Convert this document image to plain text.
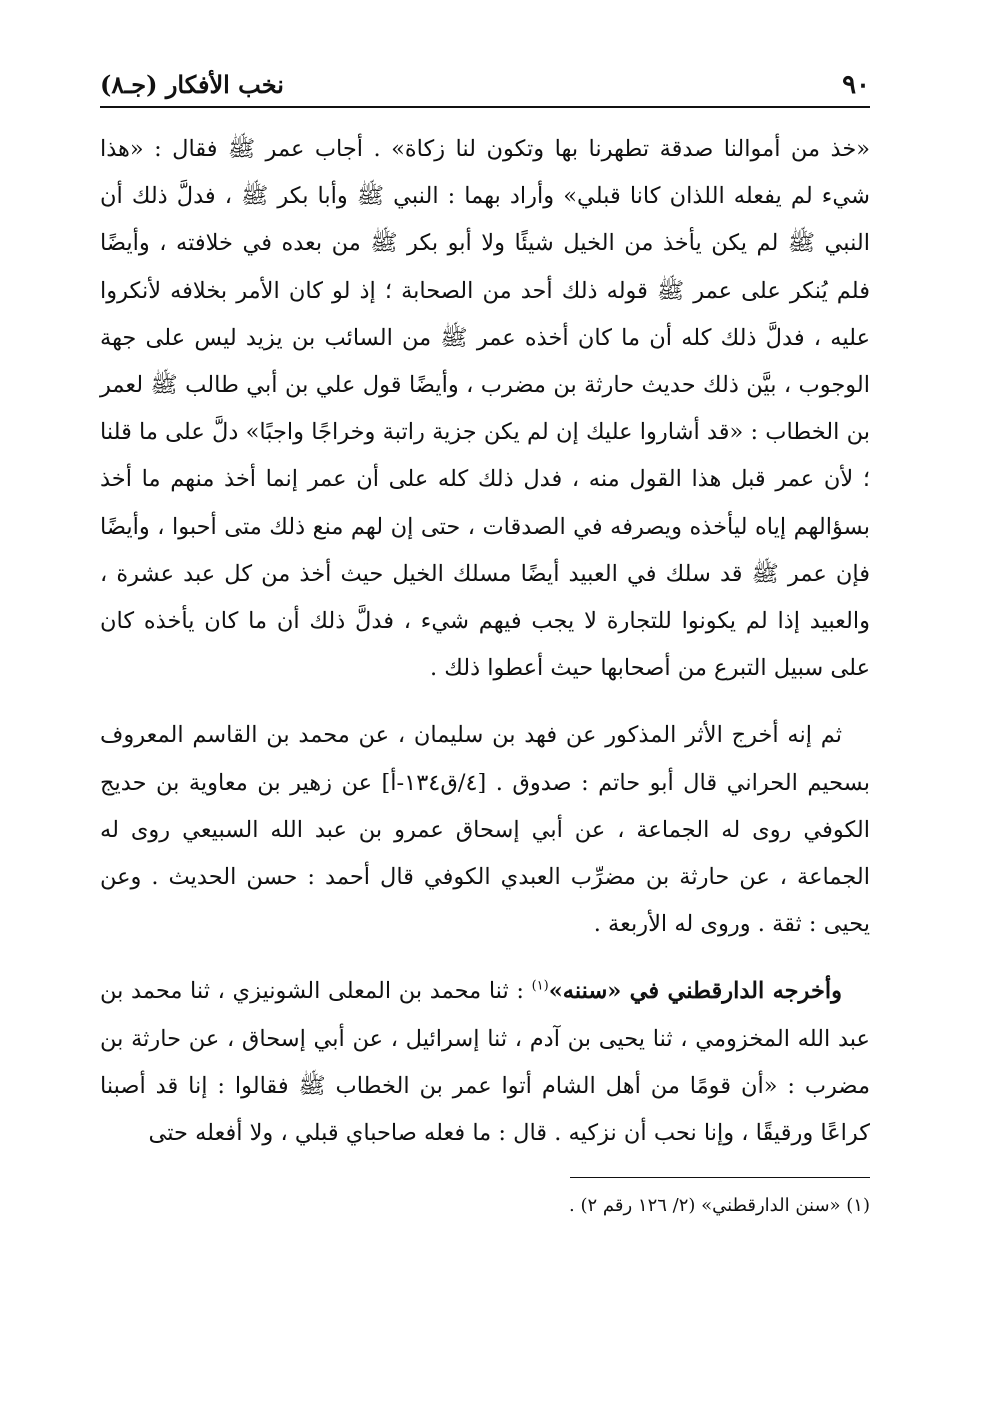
٩٠
نخب الأفكار (جـ٨)

«خذ من أموالنا صدقة تطهرنا بها وتكون لنا زكاة» . أجاب عمر ﷺ فقال : «هذا شيء لم يفعله اللذان كانا قبلي» وأراد بهما : النبي ﷺ وأبا بكر ﷺ ، فدلَّ ذلك أن النبي ﷺ لم يكن يأخذ من الخيل شيئًا ولا أبو بكر ﷺ من بعده في خلافته ، وأيضًا فلم يُنكر على عمر ﷺ قوله ذلك أحد من الصحابة ؛ إذ لو كان الأمر بخلافه لأنكروا عليه ، فدلَّ ذلك كله أن ما كان أخذه عمر ﷺ من السائب بن يزيد ليس على جهة الوجوب ، بيَّن ذلك حديث حارثة بن مضرب ، وأيضًا قول علي بن أبي طالب ﷺ لعمر بن الخطاب : «قد أشاروا عليك إن لم يكن جزية راتبة وخراجًا واجبًا» دلَّ على ما قلنا ؛ لأن عمر قبل هذا القول منه ، فدل ذلك كله على أن عمر إنما أخذ منهم ما أخذ بسؤالهم إياه ليأخذه ويصرفه في الصدقات ، حتى إن لهم منع ذلك متى أحبوا ، وأيضًا فإن عمر ﷺ قد سلك في العبيد أيضًا مسلك الخيل حيث أخذ من كل عبد عشرة ، والعبيد إذا لم يكونوا للتجارة لا يجب فيهم شيء ، فدلَّ ذلك أن ما كان يأخذه كان على سبيل التبرع من أصحابها حيث أعطوا ذلك .

ثم إنه أخرج الأثر المذكور عن فهد بن سليمان ، عن محمد بن القاسم المعروف بسحيم الحراني قال أبو حاتم : صدوق . [٤/ق١٣٤-أ] عن زهير بن معاوية بن حديج الكوفي روى له الجماعة ، عن أبي إسحاق عمرو بن عبد الله السبيعي روى له الجماعة ، عن حارثة بن مضرِّب العبدي الكوفي قال أحمد : حسن الحديث . وعن يحيى : ثقة . وروى له الأربعة .

وأخرجه الدارقطني في «سننه»$^{(١)}$ : ثنا محمد بن المعلى الشونيزي ، ثنا محمد بن عبد الله المخزومي ، ثنا يحيى بن آدم ، ثنا إسرائيل ، عن أبي إسحاق ، عن حارثة بن مضرب : «أن قومًا من أهل الشام أتوا عمر بن الخطاب ﷺ فقالوا : إنا قد أصبنا كراعًا ورقيقًا ، وإنا نحب أن نزكيه . قال : ما فعله صاحباي قبلي ، ولا أفعله حتى

(١) «سنن الدارقطني» (٢/ ١٢٦ رقم ٢) .
